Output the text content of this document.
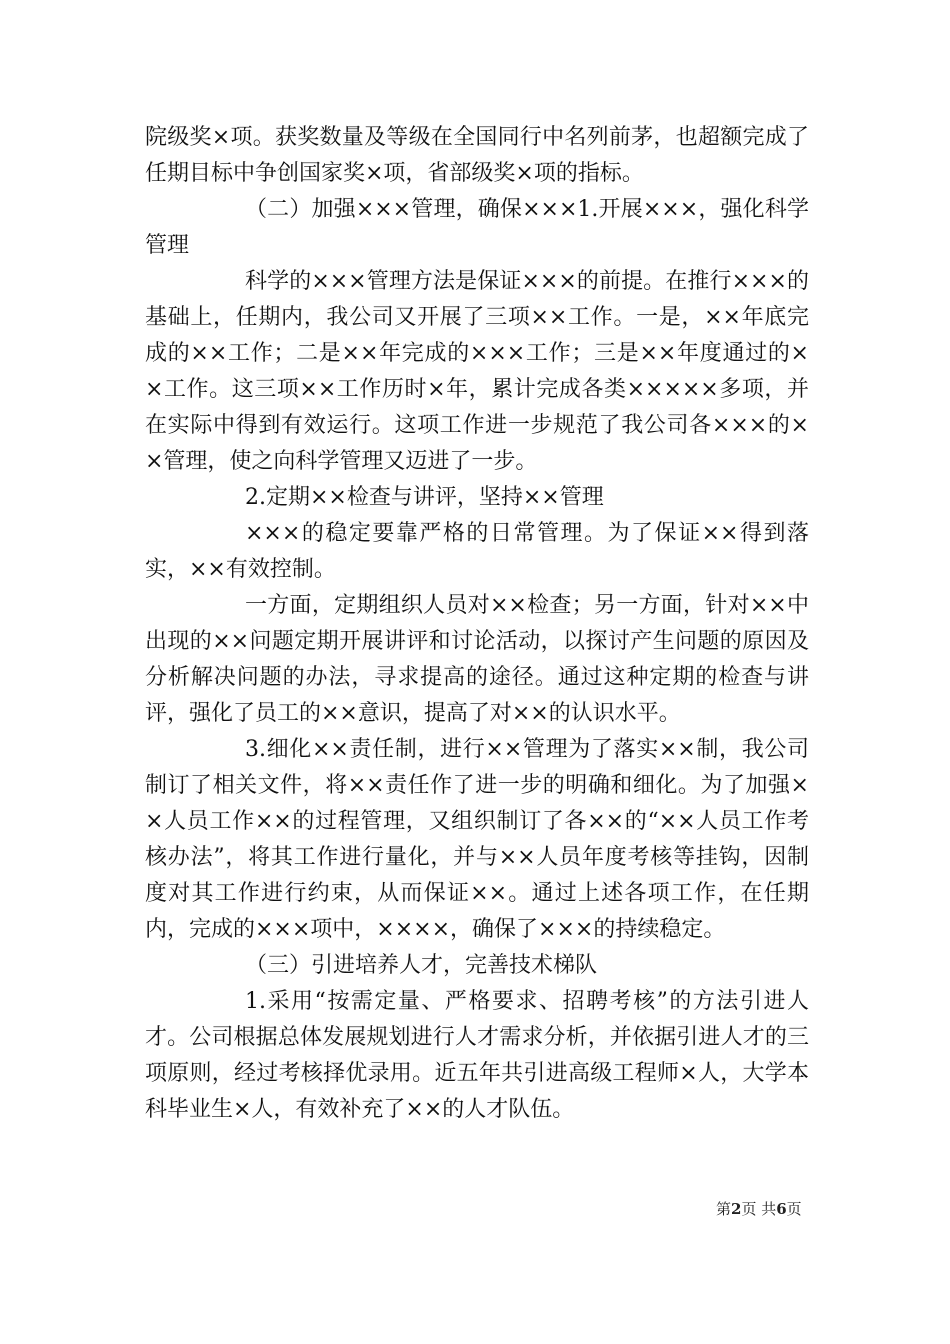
院级奖×项。获奖数量及等级在全国同行中名列前茅，也超额完成了任期目标中争创国家奖×项，省部级奖×项的指标。

（二）加强×××管理，确保×××1.开展×××，强化科学管理

科学的×××管理方法是保证×××的前提。在推行×××的基础上，任期内，我公司又开展了三项××工作。一是，××年底完成的××工作；二是××年完成的×××工作；三是××年度通过的××工作。这三项××工作历时×年，累计完成各类×××××多项，并在实际中得到有效运行。这项工作进一步规范了我公司各×××的××管理，使之向科学管理又迈进了一步。

2.定期××检查与讲评，坚持××管理

×××的稳定要靠严格的日常管理。为了保证××得到落实，××有效控制。

一方面，定期组织人员对××检查；另一方面，针对××中出现的××问题定期开展讲评和讨论活动，以探讨产生问题的原因及分析解决问题的办法，寻求提高的途径。通过这种定期的检查与讲评，强化了员工的××意识，提高了对××的认识水平。

3.细化××责任制，进行××管理为了落实××制，我公司制订了相关文件，将××责任作了进一步的明确和细化。为了加强××人员工作××的过程管理，又组织制订了各××的“××人员工作考核办法”，将其工作进行量化，并与××人员年度考核等挂钩，因制度对其工作进行约束，从而保证××。通过上述各项工作，在任期内，完成的×××项中，××××，确保了×××的持续稳定。

（三）引进培养人才，完善技术梯队

1.采用“按需定量、严格要求、招聘考核”的方法引进人才。公司根据总体发展规划进行人才需求分析，并依据引进人才的三项原则，经过考核择优录用。近五年共引进高级工程师×人，大学本科毕业生×人，有效补充了××的人才队伍。

第2页 共6页
